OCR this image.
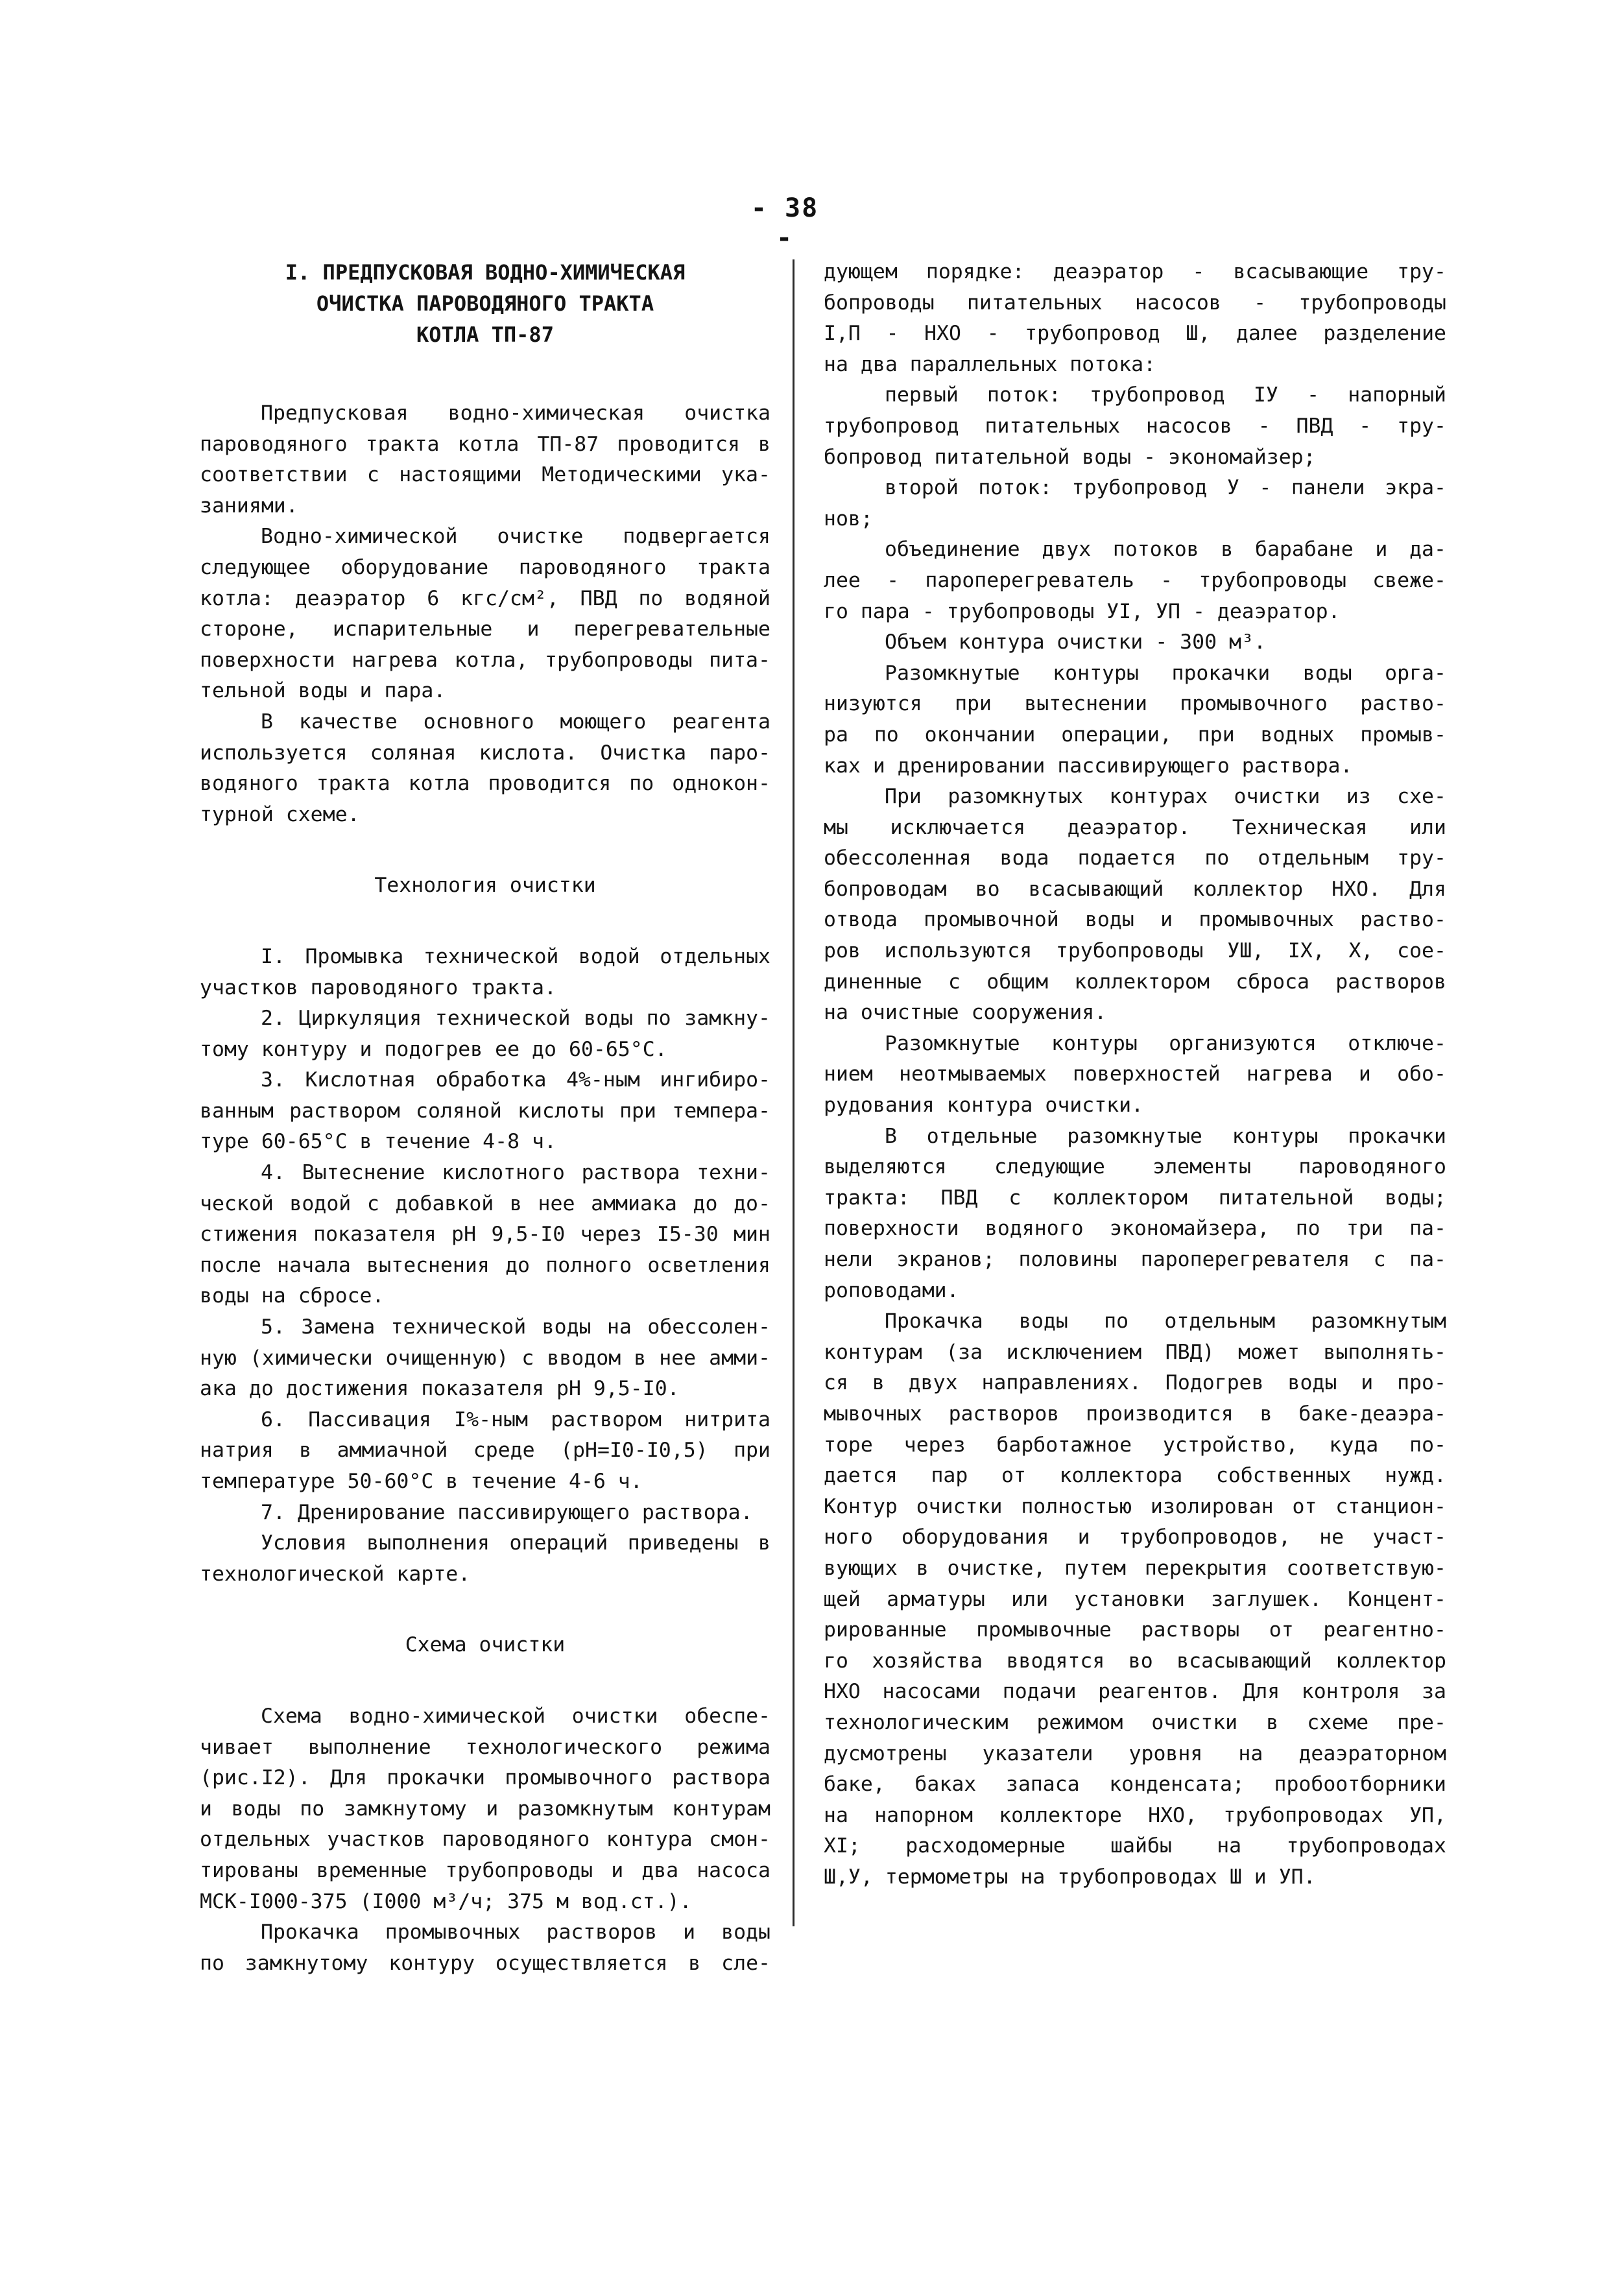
- 38 -
I. ПРЕДПУСКОВАЯ ВОДНО-ХИМИЧЕСКАЯ
ОЧИСТКА ПАРОВОДЯНОГО ТРАКТА
КОТЛА ТП-87
Предпусковая водно-химическая очистка
пароводяного тракта котла ТП-87 проводится в
соответствии с настоящими Методическими ука-
заниями.
Водно-химической очистке подвергается
следующее оборудование пароводяного тракта
котла: деаэратор 6 кгс/см², ПВД по водяной
стороне, испарительные и перегревательные
поверхности нагрева котла, трубопроводы пита-
тельной воды и пара.
В качестве основного моющего реагента
используется соляная кислота. Очистка паро-
водяного тракта котла проводится по однокон-
турной схеме.
Технология очистки
I. Промывка технической водой отдельных
участков пароводяного тракта.
2. Циркуляция технической воды по замкну-
тому контуру и подогрев ее до 60-65°С.
3. Кислотная обработка 4%-ным ингибиро-
ванным раствором соляной кислоты при темпера-
туре 60-65°С в течение 4-8 ч.
4. Вытеснение кислотного раствора техни-
ческой водой с добавкой в нее аммиака до до-
стижения показателя pH 9,5-I0 через I5-30 мин
после начала вытеснения до полного осветления
воды на сбросе.
5. Замена технической воды на обессолен-
ную (химически очищенную) с вводом в нее амми-
ака до достижения показателя pH 9,5-I0.
6. Пассивация I%-ным раствором нитрита
натрия в аммиачной среде (pH=I0-I0,5) при
температуре 50-60°С в течение 4-6 ч.
7. Дренирование пассивирующего раствора.
Условия выполнения операций приведены в
технологической карте.
Схема очистки
Схема водно-химической очистки обеспе-
чивает выполнение технологического режима
(рис.I2). Для прокачки промывочного раствора
и воды по замкнутому и разомкнутым контурам
отдельных участков пароводяного контура смон-
тированы временные трубопроводы и два насоса
МСК-I000-375 (I000 м³/ч; 375 м вод.ст.).
Прокачка промывочных растворов и воды
по замкнутому контуру осуществляется в сле-
дующем порядке: деаэратор - всасывающие тру-
бопроводы питательных насосов - трубопроводы
I,П - НХО - трубопровод Ш, далее разделение
на два параллельных потока:
первый поток: трубопровод IУ - напорный
трубопровод питательных насосов - ПВД - тру-
бопровод питательной воды - экономайзер;
второй поток: трубопровод У - панели экра-
нов;
объединение двух потоков в барабане и да-
лее - пароперегреватель - трубопроводы свеже-
го пара - трубопроводы УI, УП - деаэратор.
Объем контура очистки - 300 м³.
Разомкнутые контуры прокачки воды орга-
низуются при вытеснении промывочного раство-
ра по окончании операции, при водных промыв-
ках и дренировании пассивирующего раствора.
При разомкнутых контурах очистки из схе-
мы исключается деаэратор. Техническая или
обессоленная вода подается по отдельным тру-
бопроводам во всасывающий коллектор НХО. Для
отвода промывочной воды и промывочных раство-
ров используются трубопроводы УШ, IX, X, сое-
диненные с общим коллектором сброса растворов
на очистные сооружения.
Разомкнутые контуры организуются отключе-
нием неотмываемых поверхностей нагрева и обо-
рудования контура очистки.
В отдельные разомкнутые контуры прокачки
выделяются следующие элементы пароводяного
тракта: ПВД с коллектором питательной воды;
поверхности водяного экономайзера, по три па-
нели экранов; половины пароперегревателя с па-
роповодами.
Прокачка воды по отдельным разомкнутым
контурам (за исключением ПВД) может выполнять-
ся в двух направлениях. Подогрев воды и про-
мывочных растворов производится в баке-деаэра-
торе через барботажное устройство, куда по-
дается пар от коллектора собственных нужд.
Контур очистки полностью изолирован от станцион-
ного оборудования и трубопроводов, не участ-
вующих в очистке, путем перекрытия соответствую-
щей арматуры или установки заглушек. Концент-
рированные промывочные растворы от реагентно-
го хозяйства вводятся во всасывающий коллектор
НХО насосами подачи реагентов. Для контроля за
технологическим режимом очистки в схеме пре-
дусмотрены указатели уровня на деаэраторном
баке, баках запаса конденсата; пробоотборники
на напорном коллекторе НХО, трубопроводах УП,
XI; расходомерные шайбы на трубопроводах
Ш,У, термометры на трубопроводах Ш и УП.
